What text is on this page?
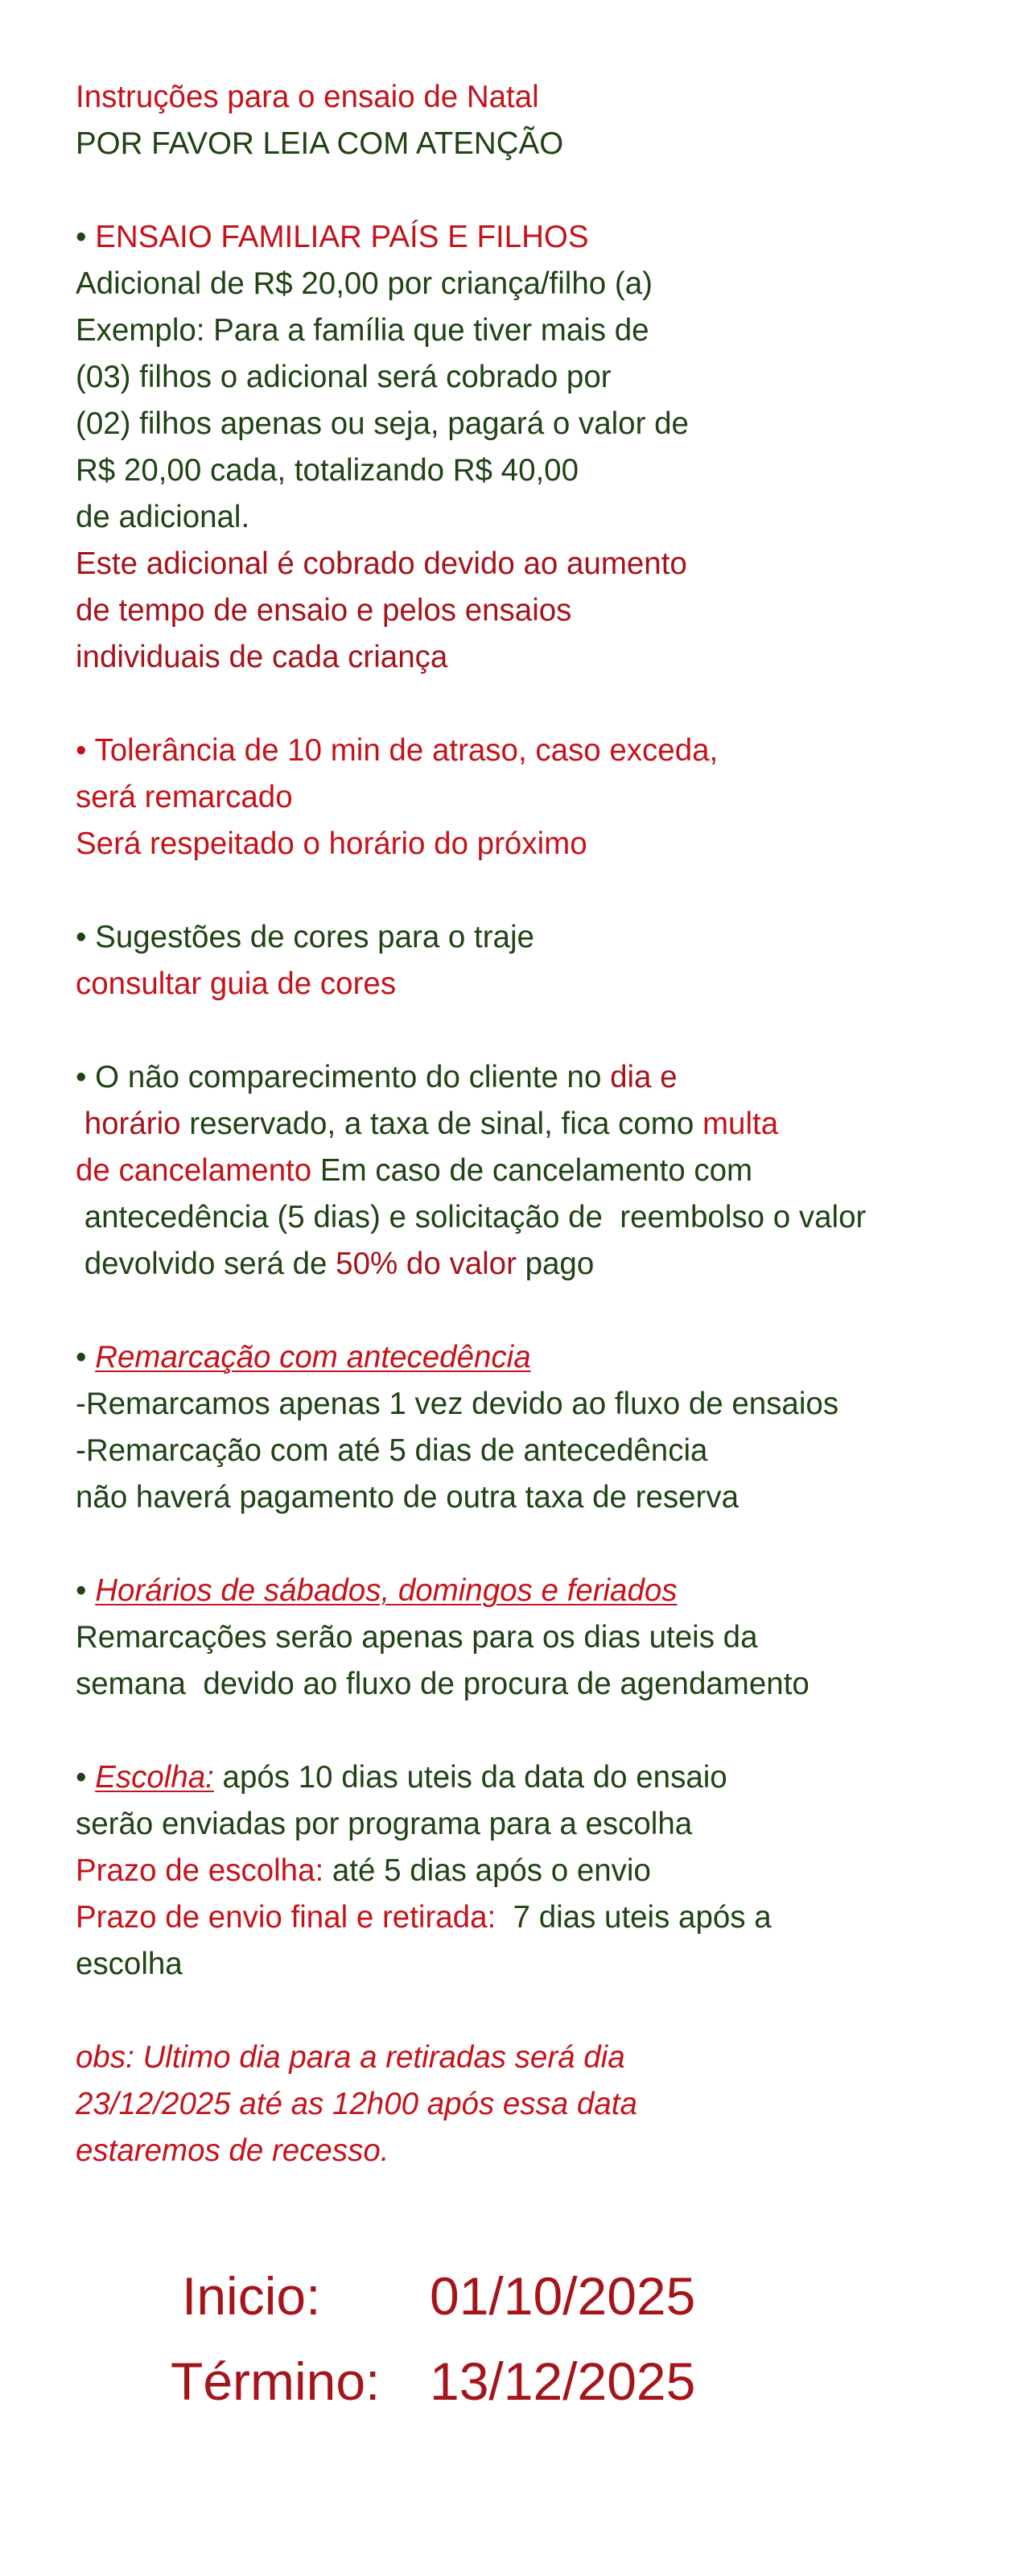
Instruções para o ensaio de Natal
POR FAVOR LEIA COM ATENÇÃO
• ENSAIO FAMILIAR PAÍS E FILHOS
Adicional de R$ 20,00 por criança/filho (a)
Exemplo: Para a família que tiver mais de
(03) filhos o adicional será cobrado por
(02) filhos apenas ou seja, pagará o valor de
R$ 20,00 cada, totalizando R$ 40,00
de adicional.
Este adicional é cobrado devido ao aumento
de tempo de ensaio e pelos ensaios
individuais de cada criança
• Tolerância de 10 min de atraso, caso exceda,
será remarcado
Será respeitado o horário do próximo
• Sugestões de cores para o traje
consultar guia de cores
• O não comparecimento do cliente no dia e
horário reservado, a taxa de sinal, fica como multa
de cancelamento Em caso de cancelamento com
antecedência (5 dias) e solicitação de  reembolso o valor
devolvido será de 50% do valor pago
• Remarcação com antecedência
-Remarcamos apenas 1 vez devido ao fluxo de ensaios
-Remarcação com até 5 dias de antecedência
não haverá pagamento de outra taxa de reserva
• Horários de sábados, domingos e feriados
Remarcações serão apenas para os dias uteis da
semana  devido ao fluxo de procura de agendamento
• Escolha: após 10 dias uteis da data do ensaio
serão enviadas por programa para a escolha
Prazo de escolha: até 5 dias após o envio
Prazo de envio final e retirada:  7 dias uteis após a
escolha
obs: Ultimo dia para a retiradas será dia
23/12/2025 até as 12h00 após essa data
estaremos de recesso.
Inicio: 01/10/2025
Término: 13/12/2025
